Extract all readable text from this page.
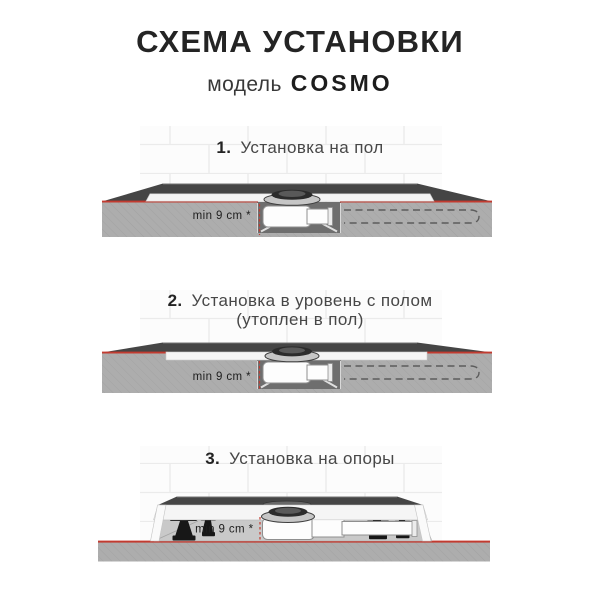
СХЕМА УСТАНОВКИ
модель COSMO
min 9 cm *
1. Установка на пол
min 9 cm *
2. Установка в уровень с полом
(утоплен в пол)
min 9 cm *
3. Установка на опоры
